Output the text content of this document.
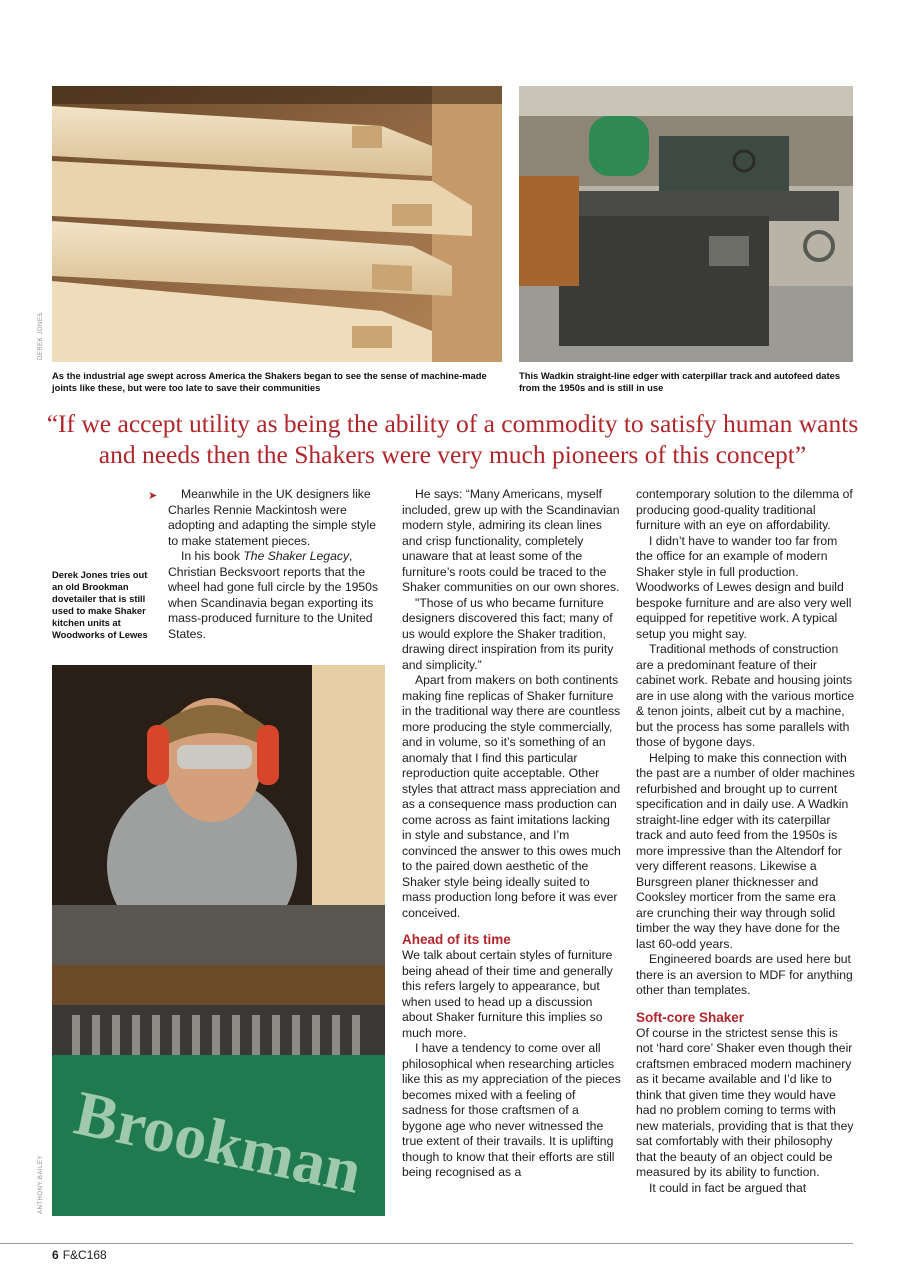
DEREK JONES
As the industrial age swept across America the Shakers began to see the sense of machine-made joints like these, but were too late to save their communities
This Wadkin straight-line edger with caterpillar track and autofeed dates from the 1950s and is still in use
“If we accept utility as being the ability of a commodity to satisfy human wants and needs then the Shakers were very much pioneers of this concept”
Derek Jones tries out an old Brookman dovetailer that is still used to make Shaker kitchen units at Woodworks of Lewes
➤	Meanwhile in the UK designers like Charles Rennie Mackintosh were adopting and adapting the simple style to make statement pieces.

In his book The Shaker Legacy, Christian Becksvoort reports that the wheel had gone full circle by the 1950s when Scandinavia began exporting its mass-produced furniture to the United States.

Brookman
ANTHONY BAILEY

He says: “Many Americans, myself included, grew up with the Scandinavian modern style, admiring its clean lines and crisp functionality, completely unaware that at least some of the furniture’s roots could be traced to the Shaker communities on our own shores.

"Those of us who became furniture designers discovered this fact; many of us would explore the Shaker tradition, drawing direct inspiration from its purity and simplicity.”

Apart from makers on both continents making fine replicas of Shaker furniture in the traditional way there are countless more producing the style commercially, and in volume, so it’s something of an anomaly that I find this particular reproduction quite acceptable. Other styles that attract mass appreciation and as a consequence mass production can come across as faint imitations lacking in style and substance, and I’m convinced the answer to this owes much to the paired down aesthetic of the Shaker style being ideally suited to mass production long before it was ever conceived.

Ahead of its time

We talk about certain styles of furniture being ahead of their time and generally this refers largely to appearance, but when used to head up a discussion about Shaker furniture this implies so much more.

I have a tendency to come over all philosophical when researching articles like this as my appreciation of the pieces becomes mixed with a feeling of sadness for those craftsmen of a bygone age who never witnessed the true extent of their travails. It is uplifting though to know that their efforts are still being recognised as a

contemporary solution to the dilemma of producing good-quality traditional furniture with an eye on affordability.

I didn’t have to wander too far from the office for an example of modern Shaker style in full production. Woodworks of Lewes design and build bespoke furniture and are also very well equipped for repetitive work. A typical setup you might say.

Traditional methods of construction are a predominant feature of their cabinet work. Rebate and housing joints are in use along with the various mortice & tenon joints, albeit cut by a machine, but the process has some parallels with those of bygone days.

Helping to make this connection with the past are a number of older machines refurbished and brought up to current specification and in daily use. A Wadkin straight-line edger with its caterpillar track and auto feed from the 1950s is more impressive than the Altendorf for very different reasons. Likewise a Bursgreen planer thicknesser and Cooksley morticer from the same era are crunching their way through solid timber the way they have done for the last 60-odd years.

Engineered boards are used here but there is an aversion to MDF for anything other than templates.

Soft-core Shaker

Of course in the strictest sense this is not ‘hard core’ Shaker even though their craftsmen embraced modern machinery as it became available and I’d like to think that given time they would have had no problem coming to terms with new materials, providing that is that they sat comfortably with their philosophy that the beauty of an object could be measured by its ability to function.

It could in fact be argued that

6 F&C168
